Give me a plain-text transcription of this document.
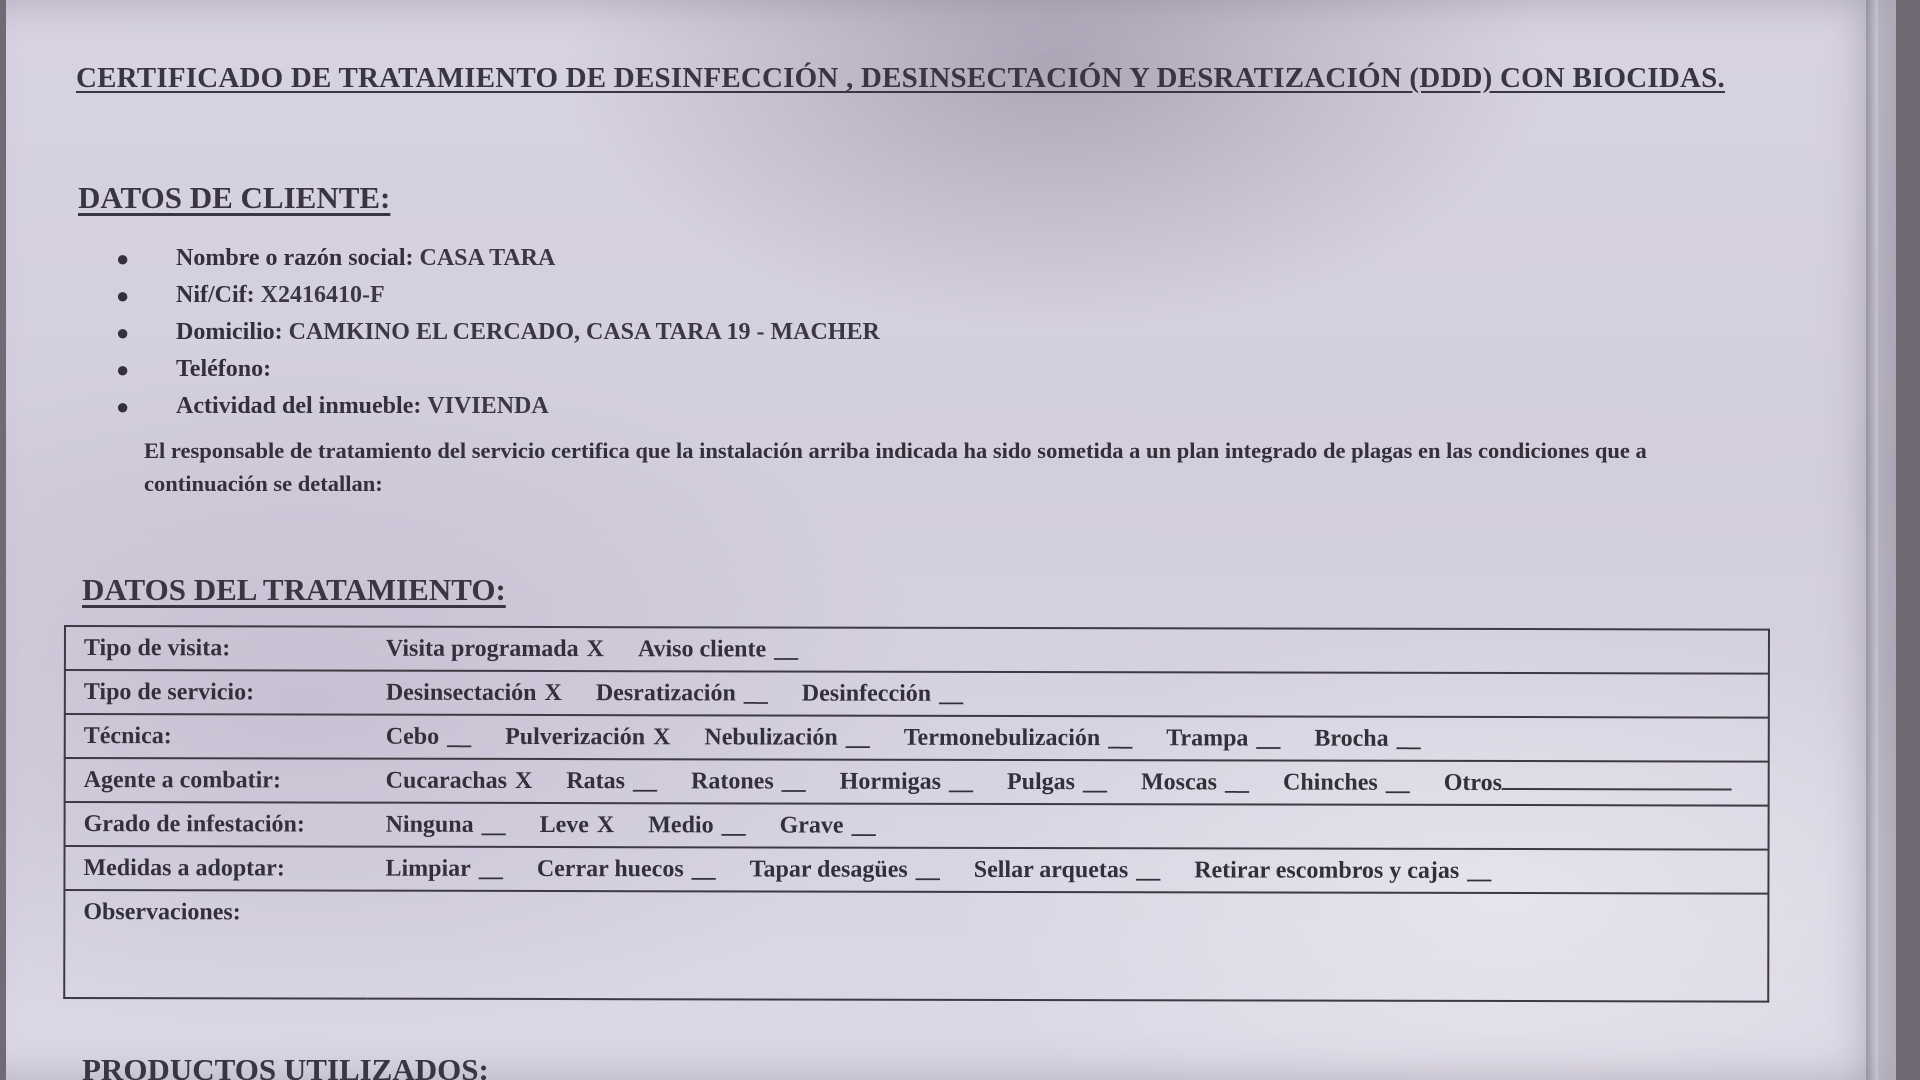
CERTIFICADO DE TRATAMIENTO DE DESINFECCIÓN , DESINSECTACIÓN Y DESRATIZACIÓN (DDD) CON BIOCIDAS.
DATOS DE CLIENTE:
● Nombre o razón social: CASA TARA
● Nif/Cif: X2416410-F
● Domicilio: CAMKINO EL CERCADO, CASA TARA 19 - MACHER
● Teléfono:
● Actividad del inmueble: VIVIENDA
El responsable de tratamiento del servicio certifica que la instalación arriba indicada ha sido sometida a un plan integrado de plagas en las condiciones que a continuación se detallan:
DATOS DEL TRATAMIENTO:
Tipo de visita:	Visita programada X Aviso cliente __
Tipo de servicio:	Desinsectación X Desratización __ Desinfección __
Técnica:	Cebo __ Pulverización X Nebulización __ Termonebulización __ Trampa __ Brocha __
Agente a combatir:	Cucarachas X Ratas __ Ratones __ Hormigas __ Pulgas __ Moscas __ Chinches __ Otros
Grado de infestación:	Ninguna __ Leve X Medio __ Grave __
Medidas a adoptar:	Limpiar __ Cerrar huecos __ Tapar desagües __ Sellar arquetas __ Retirar escombros y cajas __
Observaciones:	
PRODUCTOS UTILIZADOS:
